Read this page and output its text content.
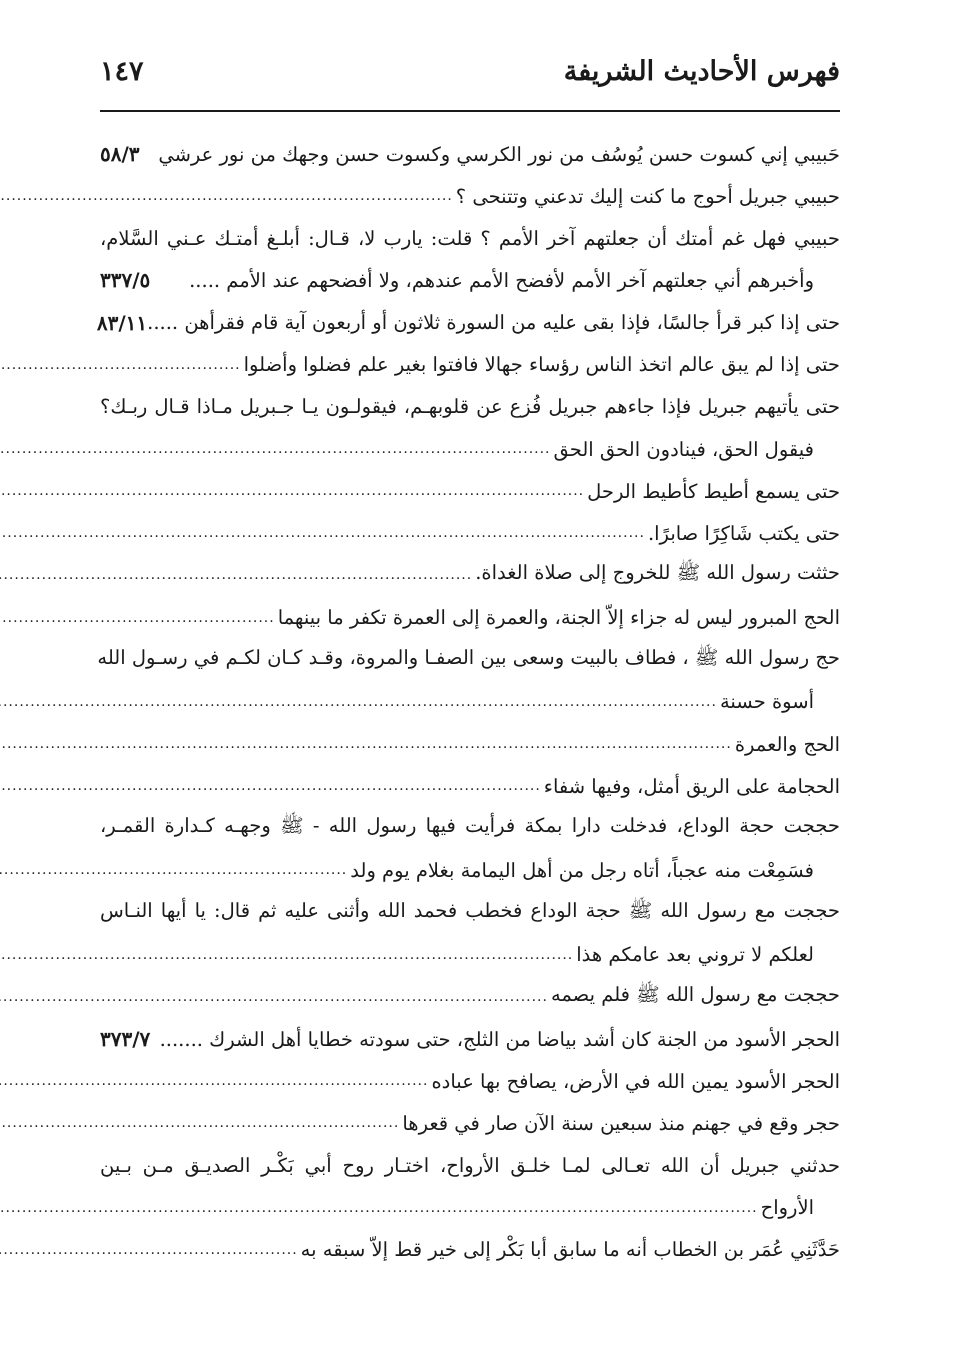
فهرس الأحاديث الشريفة
١٤٧
حَبيبي إني كسوت حسن يُوسُف من نور الكرسي وكسوت حسن وجهك من نور عرشي
٥٨/٣
حبيبي جبريل أحوج ما كنت إليك تدعني وتتنحى ؟
.....
حبيبي فهل غم أمتك أن جعلتهم آخر الأمم ؟ قلت: يارب لا، قـال: أبلـغ أمتـك عـني السَّلام،
وأخبرهم أني جعلتهم آخر الأمم لأفضح الأمم عندهم، ولا أفضحهم عند الأمم .....
٣٣٧/٥
حتى إذا كبر قرأ جالسًا، فإذا بقى عليه من السورة ثلاثون أو أربعون آية قام فقرأهن .....
٨٣/١١
حتى إذا لم يبق عالم اتخذ الناس رؤساء جهالا فافتوا بغير علم فضلوا وأضلوا
.....
حتى يأتيهم جبريل فإذا جاءهم جبريل فُزع عن قلوبهـم، فيقولـون يـا جـبريل مـاذا قـال ربـك؟
فيقول الحق، فينادون الحق الحق
.....
حتى يسمع أطيط كأطيط الرحل
.....
حتى يكتب شَاكِرًا صابرًا.
.....
حثثت رسول الله ﷺ للخروج إلى صلاة الغداة.
.....
الحج المبرور ليس له جزاء إلاّ الجنة، والعمرة إلى العمرة تكفر ما بينهما
.....
حج رسول الله ﷺ ، فطاف بالبيت وسعى بين الصفـا والمروة، وقـد كـان لكـم في رسـول الله
أسوة حسنة
.....
الحج والعمرة
.....
الحجامة على الريق أمثل، وفيها شفاء
.....
حججت حجة الوداع، فدخلت دارا بمكة فرأيت فيها رسول الله - ﷺ وجهـه كـدارة القمـر،
فسَمِعْت منه عجباً، أتاه رجل من أهل اليمامة بغلام يوم ولد
.....
حججت مع رسول الله ﷺ حجة الوداع فخطب فحمد الله وأثنى عليه ثم قال: يا أيها النـاس
لعلكم لا تروني بعد عامكم هذا
.....
حججت مع رسول الله ﷺ فلم يصمه
.....
الحجر الأسود من الجنة كان أشد بياضا من الثلج، حتى سودته خطايا أهل الشرك .......
٣٧٣/٧
الحجر الأسود يمين الله في الأرض، يصافح بها عباده
.....
حجر وقع في جهنم منذ سبعين سنة الآن صار في قعرها
.....
حدثني جبريل أن الله تعـالى لمـا خلـق الأرواح، اختـار روح أبي بَكْـر الصديـق مـن بـين
الأرواح
.....
حَدَّثَنِي عُمَر بن الخطاب أنه ما سابق أبا بَكْر إلى خير قط إلاّ سبقه به
.....
